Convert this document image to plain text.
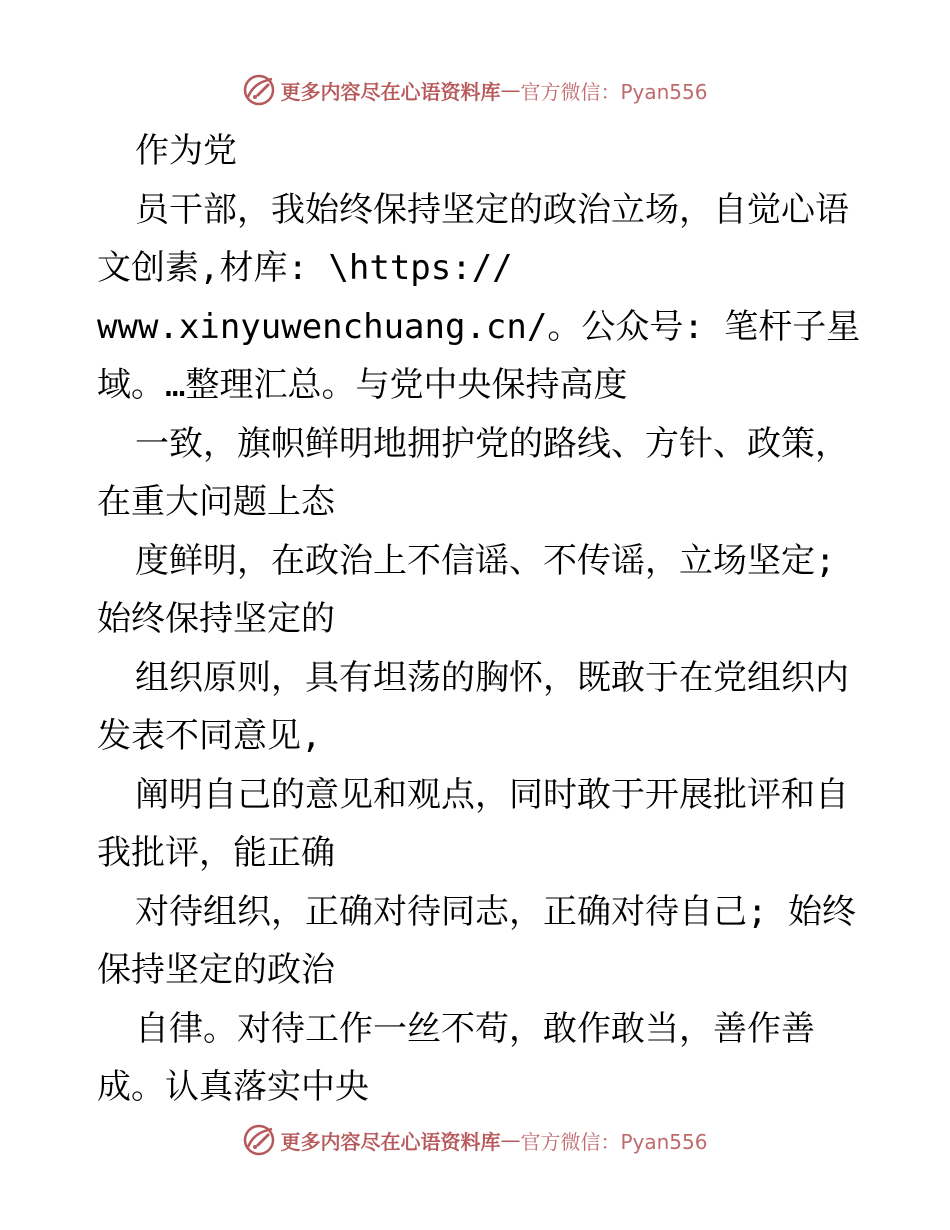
更多内容尽在心语资料库 — 官方微信：Pyan556
作为党
员干部，我始终保持坚定的政治立场，自觉心语
文创素,材库: \https://
www.xinyuwenchuang.cn/。公众号: 笔杆子星
域。…整理汇总。与党中央保持高度
一致，旗帜鲜明地拥护党的路线、方针、政策，
在重大问题上态
度鲜明，在政治上不信谣、不传谣，立场坚定;
始终保持坚定的
组织原则，具有坦荡的胸怀，既敢于在党组织内
发表不同意见,
阐明自己的意见和观点，同时敢于开展批评和自
我批评，能正确
对待组织，正确对待同志，正确对待自己; 始终
保持坚定的政治
自律。对待工作一丝不苟，敢作敢当，善作善
成。认真落实中央
更多内容尽在心语资料库 — 官方微信：Pyan556
